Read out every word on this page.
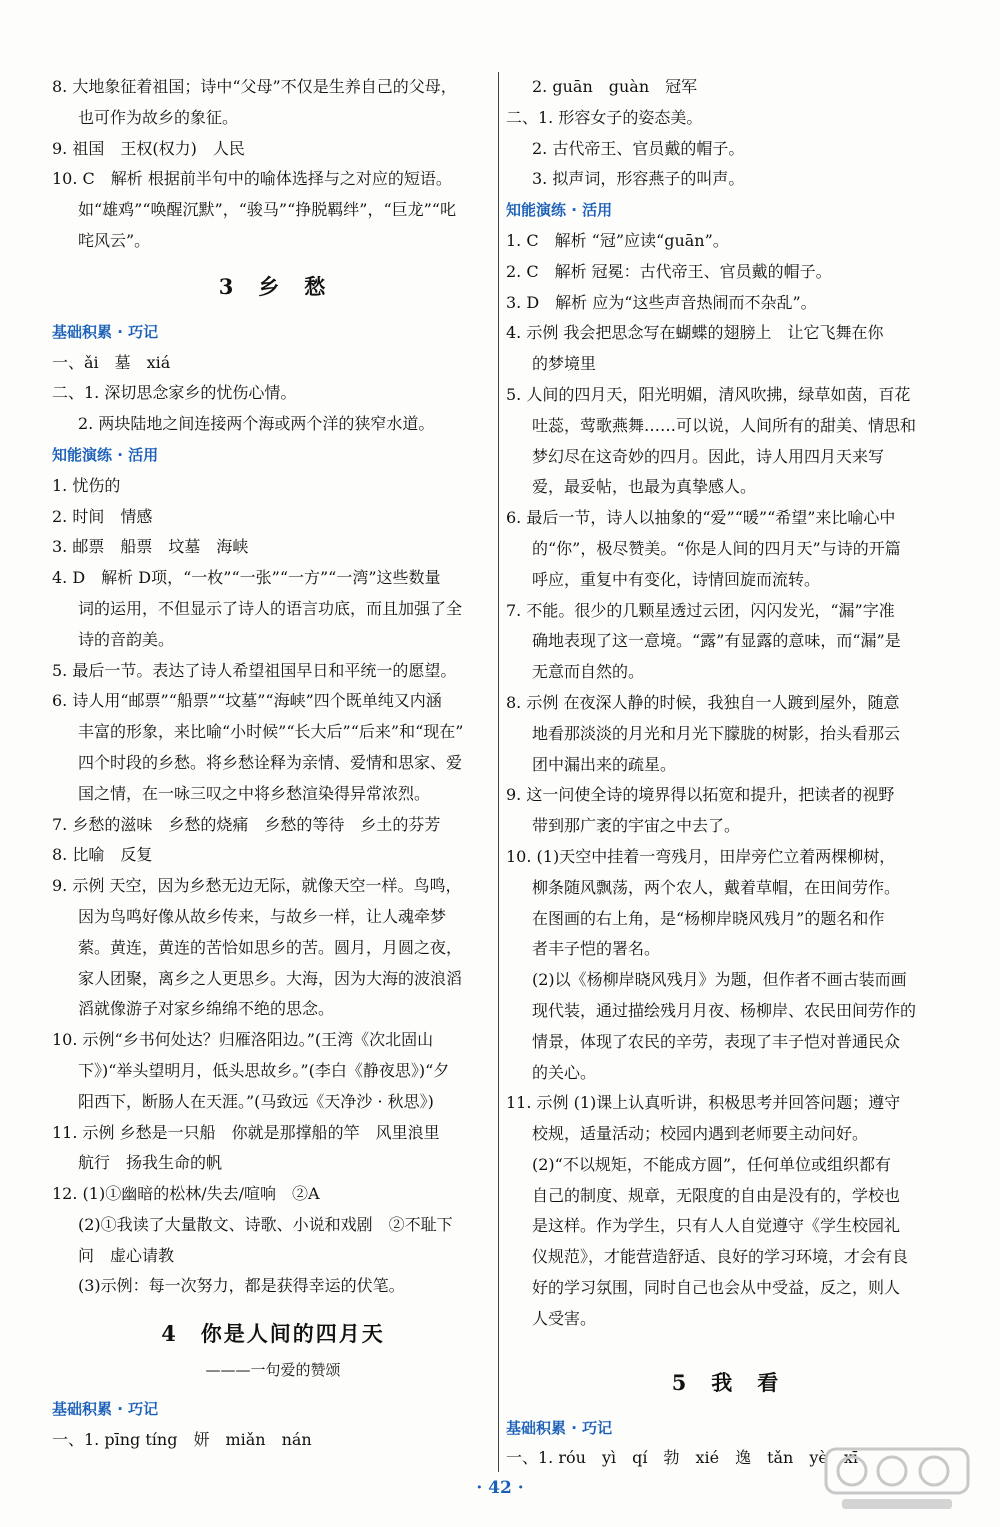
8. 大地象征着祖国；诗中“父母”不仅是生养自己的父母，
也可作为故乡的象征。
9. 祖国　王权(权力)　人民
10. C　解析 根据前半句中的喻体选择与之对应的短语。
如“雄鸡”“唤醒沉默”，“骏马”“挣脱羁绊”，“巨龙”“叱
咤风云”。
3　乡　愁
基础积累 · 巧记
一、ǎi　墓　xiá
二、1. 深切思念家乡的忧伤心情。
2. 两块陆地之间连接两个海或两个洋的狭窄水道。
知能演练 · 活用
1. 忧伤的
2. 时间　情感
3. 邮票　船票　坟墓　海峡
4. D　解析 D项，“一枚”“一张”“一方”“一湾”这些数量
词的运用，不但显示了诗人的语言功底，而且加强了全
诗的音韵美。
5. 最后一节。表达了诗人希望祖国早日和平统一的愿望。
6. 诗人用“邮票”“船票”“坟墓”“海峡”四个既单纯又内涵
丰富的形象，来比喻“小时候”“长大后”“后来”和“现在”
四个时段的乡愁。将乡愁诠释为亲情、爱情和思家、爱
国之情，在一咏三叹之中将乡愁渲染得异常浓烈。
7. 乡愁的滋味　乡愁的烧痛　乡愁的等待　乡土的芬芳
8. 比喻　反复
9. 示例 天空，因为乡愁无边无际，就像天空一样。鸟鸣，
因为鸟鸣好像从故乡传来，与故乡一样，让人魂牵梦
萦。黄连，黄连的苦恰如思乡的苦。圆月，月圆之夜，
家人团聚，离乡之人更思乡。大海，因为大海的波浪滔
滔就像游子对家乡绵绵不绝的思念。
10. 示例“乡书何处达？归雁洛阳边。”(王湾《次北固山
下》)“举头望明月，低头思故乡。”(李白《静夜思》)“夕
阳西下，断肠人在天涯。”(马致远《天净沙 · 秋思》)
11. 示例 乡愁是一只船　你就是那撑船的竿　风里浪里
航行　扬我生命的帆
12. (1)①幽暗的松林/失去/喧响　②A
(2)①我读了大量散文、诗歌、小说和戏剧　②不耻下
问　虚心请教
(3)示例：每一次努力，都是获得幸运的伏笔。
4　你是人间的四月天
———一句爱的赞颂
基础积累 · 巧记
一、1. pīng tíng　妍　miǎn　nán
2. guān　guàn　冠军
二、1. 形容女子的姿态美。
2. 古代帝王、官员戴的帽子。
3. 拟声词，形容燕子的叫声。
知能演练 · 活用
1. C　解析 “冠”应读“guān”。
2. C　解析 冠冕：古代帝王、官员戴的帽子。
3. D　解析 应为“这些声音热闹而不杂乱”。
4. 示例 我会把思念写在蝴蝶的翅膀上　让它飞舞在你
的梦境里
5. 人间的四月天，阳光明媚，清风吹拂，绿草如茵，百花
吐蕊，莺歌燕舞……可以说，人间所有的甜美、情思和
梦幻尽在这奇妙的四月。因此，诗人用四月天来写
爱，最妥帖，也最为真挚感人。
6. 最后一节，诗人以抽象的“爱”“暖”“希望”来比喻心中
的“你”，极尽赞美。“你是人间的四月天”与诗的开篇
呼应，重复中有变化，诗情回旋而流转。
7. 不能。很少的几颗星透过云团，闪闪发光，“漏”字准
确地表现了这一意境。“露”有显露的意味，而“漏”是
无意而自然的。
8. 示例 在夜深人静的时候，我独自一人踱到屋外，随意
地看那淡淡的月光和月光下朦胧的树影，抬头看那云
团中漏出来的疏星。
9. 这一问使全诗的境界得以拓宽和提升，把读者的视野
带到那广袤的宇宙之中去了。
10. (1)天空中挂着一弯残月，田岸旁伫立着两棵柳树，
柳条随风飘荡，两个农人，戴着草帽，在田间劳作。
在图画的右上角，是“杨柳岸晓风残月”的题名和作
者丰子恺的署名。
(2)以《杨柳岸晓风残月》为题，但作者不画古装而画
现代装，通过描绘残月月夜、杨柳岸、农民田间劳作的
情景，体现了农民的辛劳，表现了丰子恺对普通民众
的关心。
11. 示例 (1)课上认真听讲，积极思考并回答问题；遵守
校规，适量活动；校园内遇到老师要主动问好。
(2)“不以规矩，不能成方圆”，任何单位或组织都有
自己的制度、规章，无限度的自由是没有的，学校也
是这样。作为学生，只有人人自觉遵守《学生校园礼
仪规范》，才能营造舒适、良好的学习环境，才会有良
好的学习氛围，同时自己也会从中受益，反之，则人
人受害。
5　我　看
基础积累 · 巧记
一、1. róu　yì　qí　勃　xié　逸　tǎn　yè　xī
· 42 ·
